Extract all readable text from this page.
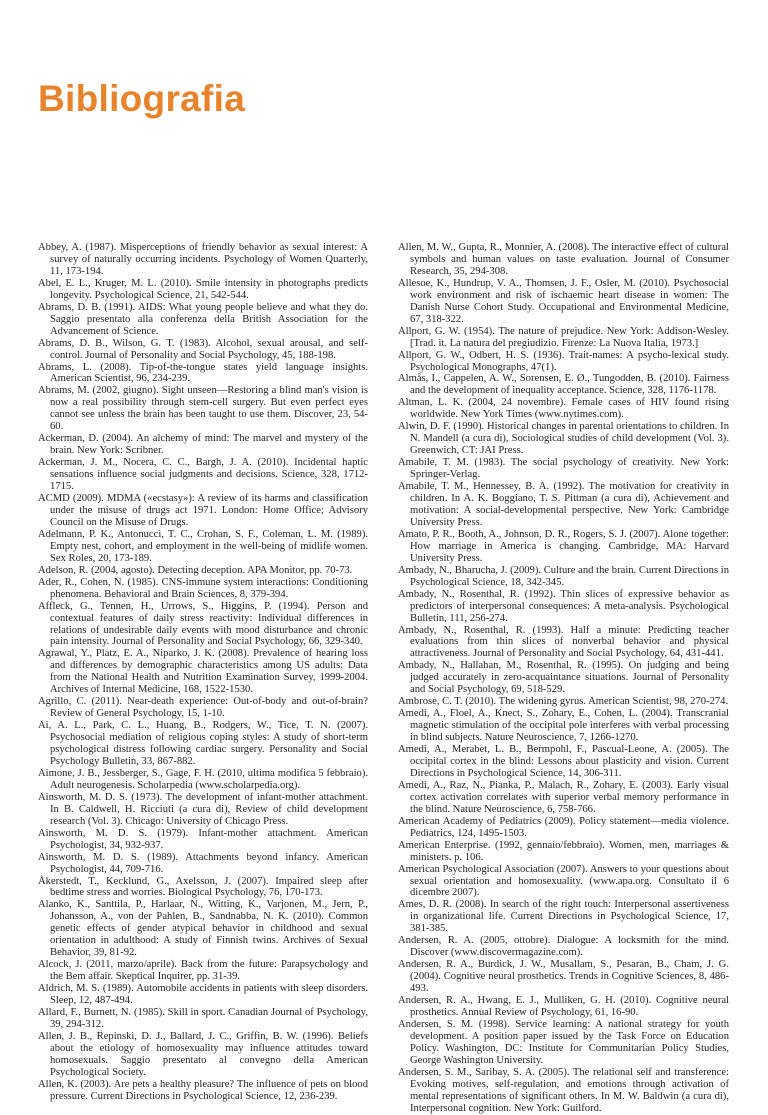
Bibliografia

Abbey, A. (1987). Misperceptions of friendly behavior as sexual interest: A survey of naturally occurring incidents. Psychology of Women Quarterly, 11, 173-194.

Abel, E. L., Kruger, M. L. (2010). Smile intensity in photographs predicts longevity. Psychological Science, 21, 542-544.

Abrams, D. B. (1991). AIDS: What young people believe and what they do. Saggio presentato alla conferenza della British Association for the Advancement of Science.

Abrams, D. B., Wilson, G. T. (1983). Alcohol, sexual arousal, and self-control. Journal of Personality and Social Psychology, 45, 188-198.

Abrams, L. (2008). Tip-of-the-tongue states yield language insights. American Scientist, 96, 234-239.

Abrams, M. (2002, giugno). Sight unseen—Restoring a blind man's vision is now a real possibility through stem-cell surgery. But even perfect eyes cannot see unless the brain has been taught to use them. Discover, 23, 54-60.

Ackerman, D. (2004). An alchemy of mind: The marvel and mystery of the brain. New York: Scribner.

Ackerman, J. M., Nocera, C. C., Bargh, J. A. (2010). Incidental haptic sensations influence social judgments and decisions. Science, 328, 1712-1715.

ACMD (2009). MDMA («ecstasy»): A review of its harms and classification under the misuse of drugs act 1971. London: Home Office; Advisory Council on the Misuse of Drugs.

Adelmann, P. K., Antonucci, T. C., Crohan, S. F., Coleman, L. M. (1989). Empty nest, cohort, and employment in the well-being of midlife women. Sex Roles, 20, 173-189.

Adelson, R. (2004, agosto). Detecting deception. APA Monitor, pp. 70-73.

Ader, R., Cohen, N. (1985). CNS-immune system interactions: Conditioning phenomena. Behavioral and Brain Sciences, 8, 379-394.

Affleck, G., Tennen, H., Urrows, S., Higgins, P. (1994). Person and contextual features of daily stress reactivity: Individual differences in relations of undesirable daily events with mood disturbance and chronic pain intensity. Journal of Personality and Social Psychology, 66, 329-340.

Agrawal, Y., Platz, E. A., Niparko, J. K. (2008). Prevalence of hearing loss and differences by demographic characteristics among US adults: Data from the National Health and Nutrition Examination Survey, 1999-2004. Archives of Internal Medicine, 168, 1522-1530.

Agrillo, C. (2011). Near-death experience: Out-of-body and out-of-brain? Review of General Psychology, 15, 1-10.

Ai, A. L., Park, C. L., Huang, B., Rodgers, W., Tice, T. N. (2007). Psychosocial mediation of religious coping styles: A study of short-term psychological distress following cardiac surgery. Personality and Social Psychology Bulletin, 33, 867-882.

Aimone, J. B., Jessberger, S., Gage, F. H. (2010, ultima modifica 5 febbraio). Adult neurogenesis. Scholarpedia (www.scholarpedia.org).

Ainsworth, M. D. S. (1973). The development of infant-mother attachment. In B. Caldwell, H. Ricciuti (a cura di), Review of child development research (Vol. 3). Chicago: University of Chicago Press.

Ainsworth, M. D. S. (1979). Infant-mother attachment. American Psychologist, 34, 932-937.

Ainsworth, M. D. S. (1989). Attachments beyond infancy. American Psychologist, 44, 709-716.

Åkerstedt, T., Kecklund, G., Axelsson, J. (2007). Impaired sleep after bedtime stress and worries. Biological Psychology, 76, 170-173.

Alanko, K., Santtila, P., Harlaar, N., Witting, K., Varjonen, M., Jern, P., Johansson, A., von der Pahlen, B., Sandnabba, N. K. (2010). Common genetic effects of gender atypical behavior in childhood and sexual orientation in adulthood: A study of Finnish twins. Archives of Sexual Behavior, 39, 81-92.

Alcock, J. (2011, marzo/aprile). Back from the future: Parapsychology and the Bem affair. Skeptical Inquirer, pp. 31-39.

Aldrich, M. S. (1989). Automobile accidents in patients with sleep disorders. Sleep, 12, 487-494.

Allard, F., Burnett, N. (1985). Skill in sport. Canadian Journal of Psychology, 39, 294-312.

Allen, J. B., Repinski, D. J., Ballard, J. C., Griffin, B. W. (1996). Beliefs about the etiology of homosexuality may influence attitudes toward homosexuals. Saggio presentato al convegno della American Psychological Society.

Allen, K. (2003). Are pets a healthy pleasure? The influence of pets on blood pressure. Current Directions in Psychological Science, 12, 236-239.

Allen, M. W., Gupta, R., Monnier, A. (2008). The interactive effect of cultural symbols and human values on taste evaluation. Journal of Consumer Research, 35, 294-308.

Allesoe, K., Hundrup, V. A., Thomsen, J. F., Osler, M. (2010). Psychosocial work environment and risk of ischaemic heart disease in women: The Danish Nurse Cohort Study. Occupational and Environmental Medicine, 67, 318-322.

Allport, G. W. (1954). The nature of prejudice. New York: Addison-Wesley. [Trad. it. La natura del pregiudizio. Firenze: La Nuova Italia, 1973.]

Allport, G. W., Odbert, H. S. (1936). Trait-names: A psycho-lexical study. Psychological Monographs, 47(1).

Almås, I., Cappelen, A. W., Sorensen, E. Ø., Tungodden, B. (2010). Fairness and the development of inequality acceptance. Science, 328, 1176-1178.

Altman, L. K. (2004, 24 novembre). Female cases of HIV found rising worldwide. New York Times (www.nytimes.com).

Alwin, D. F. (1990). Historical changes in parental orientations to children. In N. Mandell (a cura di), Sociological studies of child development (Vol. 3). Greenwich, CT: JAI Press.

Amabile, T. M. (1983). The social psychology of creativity. New York: Springer-Verlag.

Amabile, T. M., Hennessey, B. A. (1992). The motivation for creativity in children. In A. K. Boggiano, T. S. Pittman (a cura di), Achievement and motivation: A social-developmental perspective. New York: Cambridge University Press.

Amato, P. R., Booth, A., Johnson, D. R., Rogers, S. J. (2007). Alone together: How marriage in America is changing. Cambridge, MA: Harvard University Press.

Ambady, N., Bharucha, J. (2009). Culture and the brain. Current Directions in Psychological Science, 18, 342-345.

Ambady, N., Rosenthal, R. (1992). Thin slices of expressive behavior as predictors of interpersonal consequences: A meta-analysis. Psychological Bulletin, 111, 256-274.

Ambady, N., Rosenthal, R. (1993). Half a minute: Predicting teacher evaluations from thin slices of nonverbal behavior and physical attractiveness. Journal of Personality and Social Psychology, 64, 431-441.

Ambady, N., Hallahan, M., Rosenthal, R. (1995). On judging and being judged accurately in zero-acquaintance situations. Journal of Personality and Social Psychology, 69, 518-529.

Ambrose, C. T. (2010). The widening gyrus. American Scientist, 98, 270-274.

Amedi, A., Floel, A., Knect, S., Zohary, E., Cohen, L. (2004). Transcranial magnetic stimulation of the occipital pole interferes with verbal processing in blind subjects. Nature Neuroscience, 7, 1266-1270.

Amedi, A., Merabet, L. B., Bermpohl, F., Pascual-Leone, A. (2005). The occipital cortex in the blind: Lessons about plasticity and vision. Current Directions in Psychological Science, 14, 306-311.

Amedi, A., Raz, N., Pianka, P., Malach, R., Zohary, E. (2003). Early visual cortex activation correlates with superior verbal memory performance in the blind. Nature Neuroscience, 6, 758-766.

American Academy of Pediatrics (2009). Policy statement—media violence. Pediatrics, 124, 1495-1503.

American Enterprise. (1992, gennaio/febbraio). Women, men, marriages & ministers. p. 106.

American Psychological Association (2007). Answers to your questions about sexual orientation and homosexuality. (www.apa.org. Consultato il 6 dicembre 2007).

Ames, D. R. (2008). In search of the right touch: Interpersonal assertiveness in organizational life. Current Directions in Psychological Science, 17, 381-385.

Andersen, R. A. (2005, ottobre). Dialogue: A locksmith for the mind. Discover (www.discovermagazine.com).

Andersen, R. A., Burdick, J. W., Musallam, S., Pesaran, B., Cham, J. G. (2004). Cognitive neural prosthetics. Trends in Cognitive Sciences, 8, 486-493.

Andersen, R. A., Hwang, E. J., Mulliken, G. H. (2010). Cognitive neural prosthetics. Annual Review of Psychology, 61, 16-90.

Andersen, S. M. (1998). Service learning: A national strategy for youth development. A position paper issued by the Task Force on Education Policy. Washington, DC: Institute for Communitarian Policy Studies, George Washington University.

Andersen, S. M., Saribay, S. A. (2005). The relational self and transference: Evoking motives, self-regulation, and emotions through activation of mental representations of significant others. In M. W. Baldwin (a cura di), Interpersonal cognition. New York: Guilford.
